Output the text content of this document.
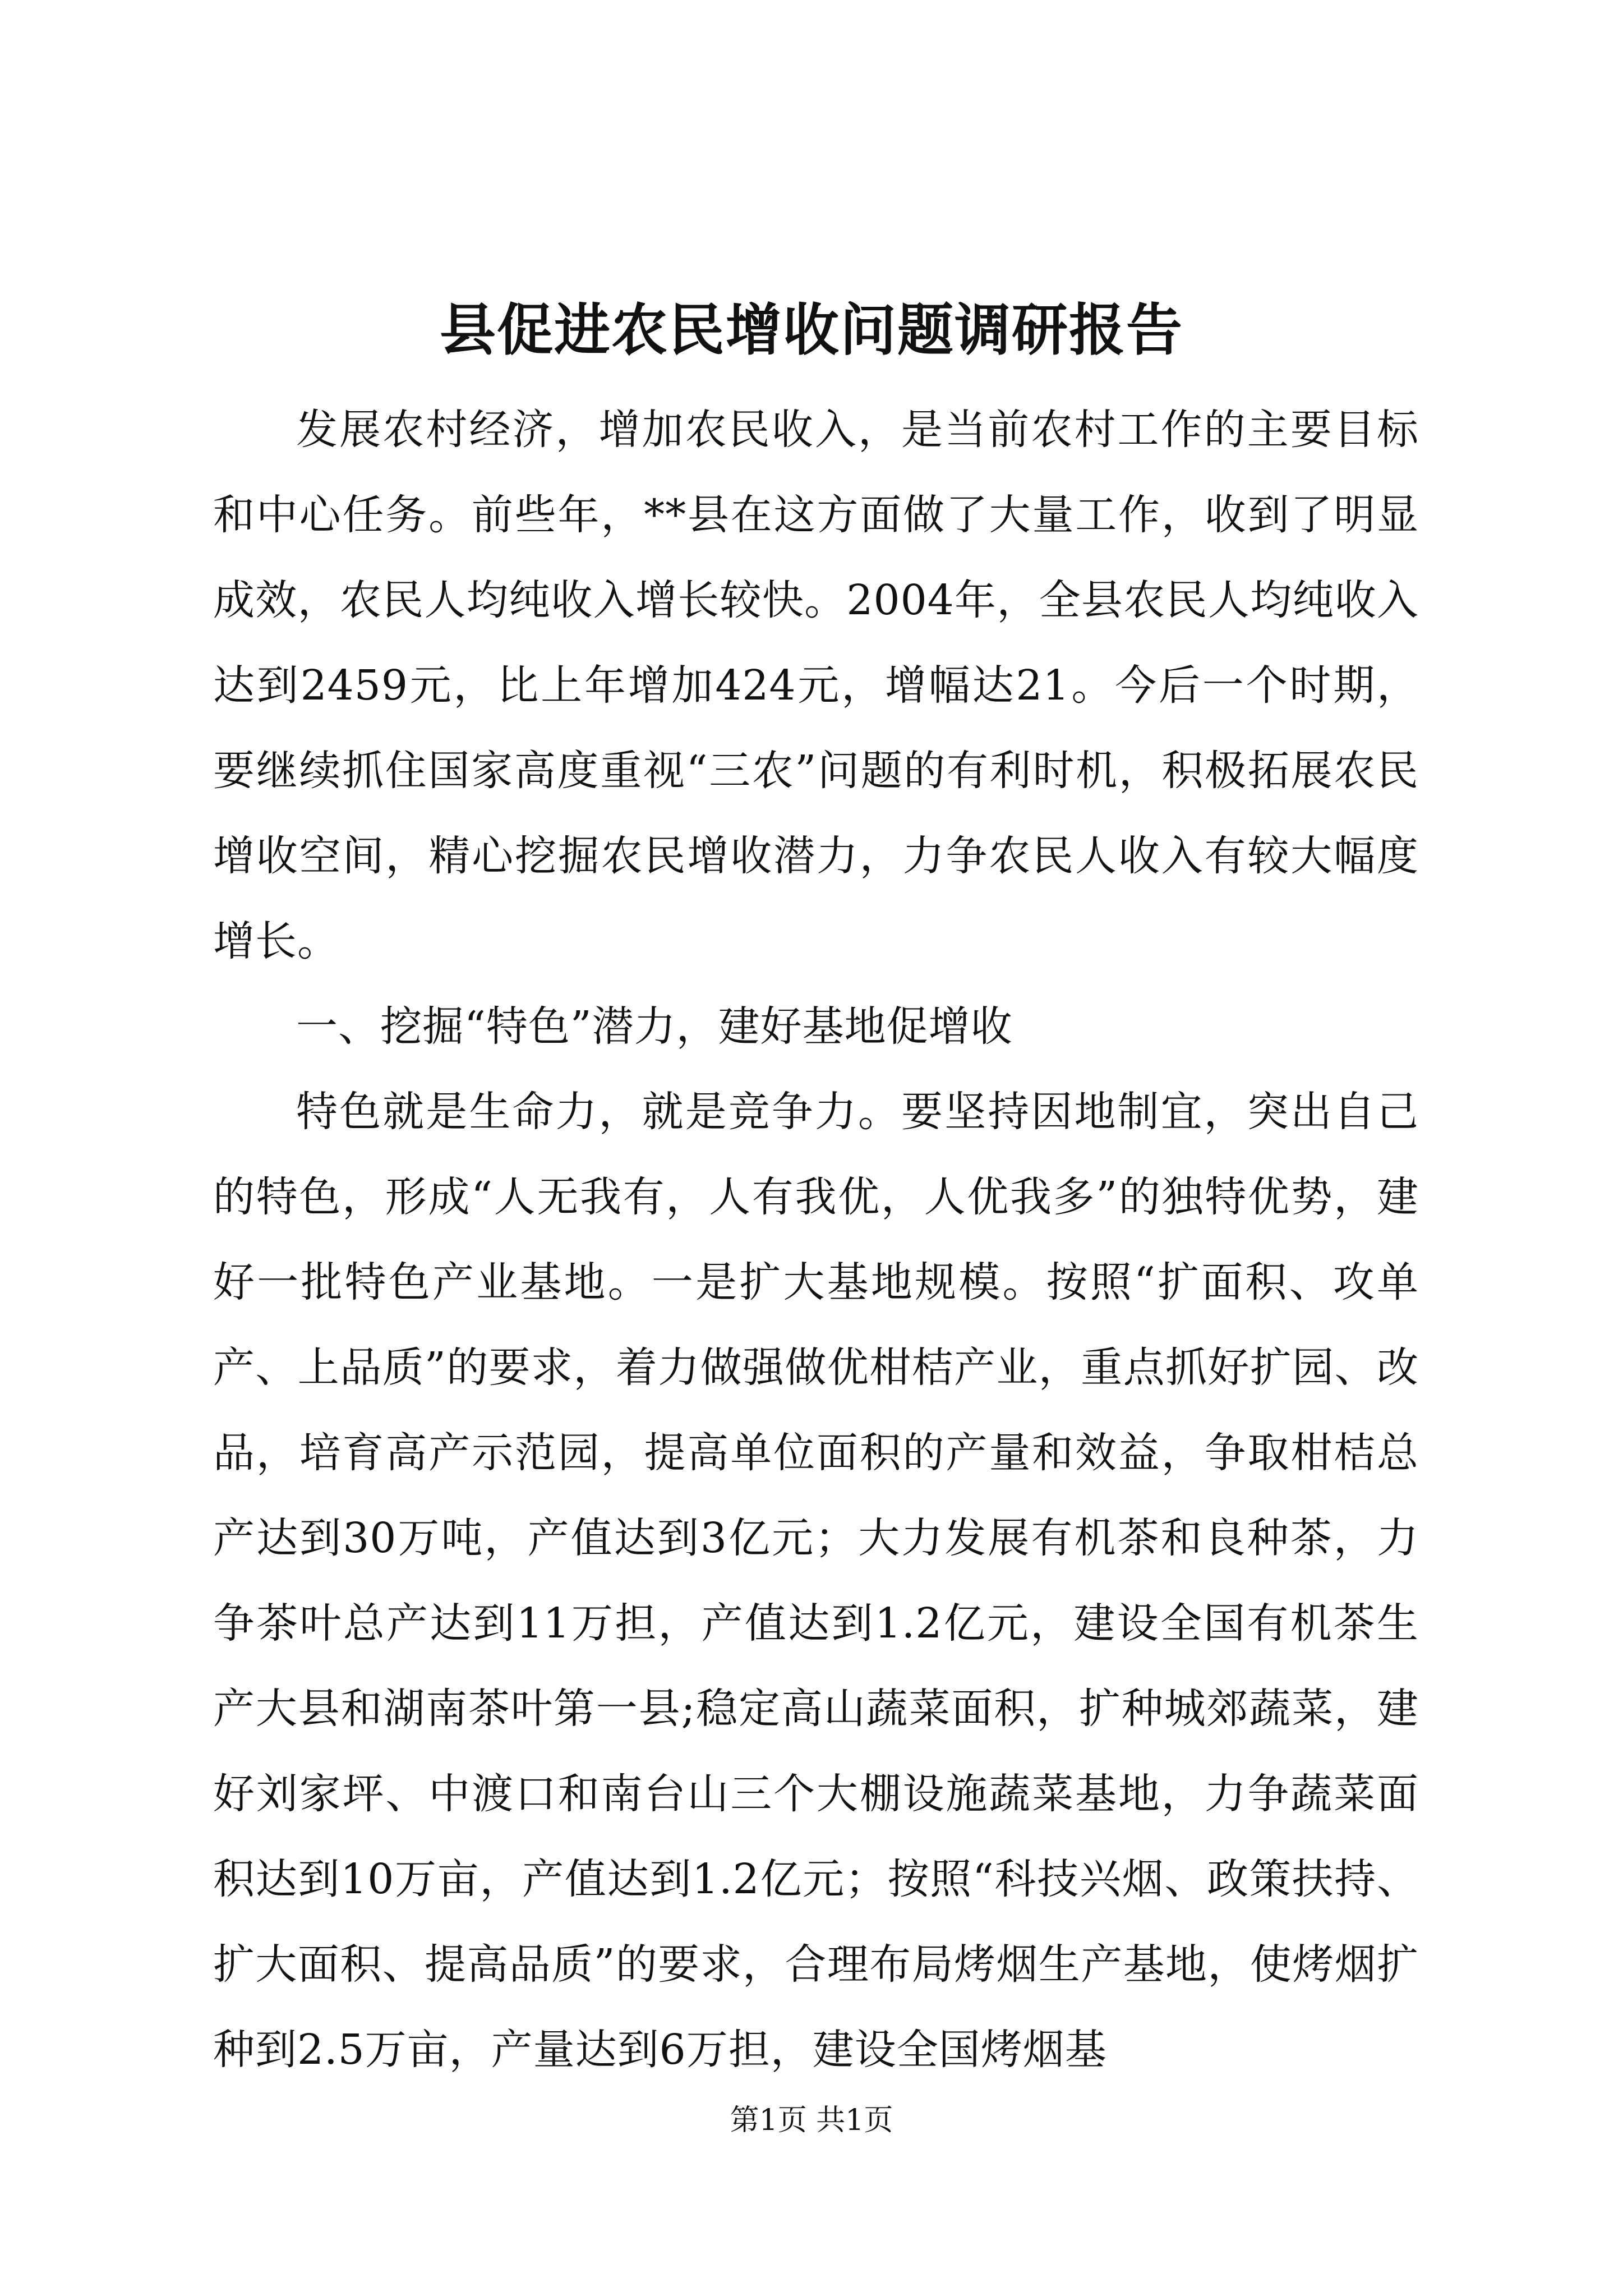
县促进农民增收问题调研报告

发展农村经济，增加农民收入，是当前农村工作的主要目标和中心任务。前些年，**县在这方面做了大量工作，收到了明显成效，农民人均纯收入增长较快。2004年，全县农民人均纯收入达到2459元，比上年增加424元，增幅达21。今后一个时期，要继续抓住国家高度重视“三农”问题的有利时机，积极拓展农民增收空间，精心挖掘农民增收潜力，力争农民人收入有较大幅度增长。

一、挖掘“特色”潜力，建好基地促增收

特色就是生命力，就是竞争力。要坚持因地制宜，突出自己的特色，形成“人无我有，人有我优，人优我多”的独特优势，建好一批特色产业基地。一是扩大基地规模。按照“扩面积、攻单产、上品质”的要求，着力做强做优柑桔产业，重点抓好扩园、改品，培育高产示范园，提高单位面积的产量和效益，争取柑桔总产达到30万吨，产值达到3亿元；大力发展有机茶和良种茶，力争茶叶总产达到11万担，产值达到1.2亿元，建设全国有机茶生产大县和湖南茶叶第一县;稳定高山蔬菜面积，扩种城郊蔬菜，建好刘家坪、中渡口和南台山三个大棚设施蔬菜基地，力争蔬菜面积达到10万亩，产值达到1.2亿元；按照“科技兴烟、政策扶持、扩大面积、提高品质”的要求，合理布局烤烟生产基地，使烤烟扩种到2.5万亩，产量达到6万担，建设全国烤烟基

第1页 共1页
